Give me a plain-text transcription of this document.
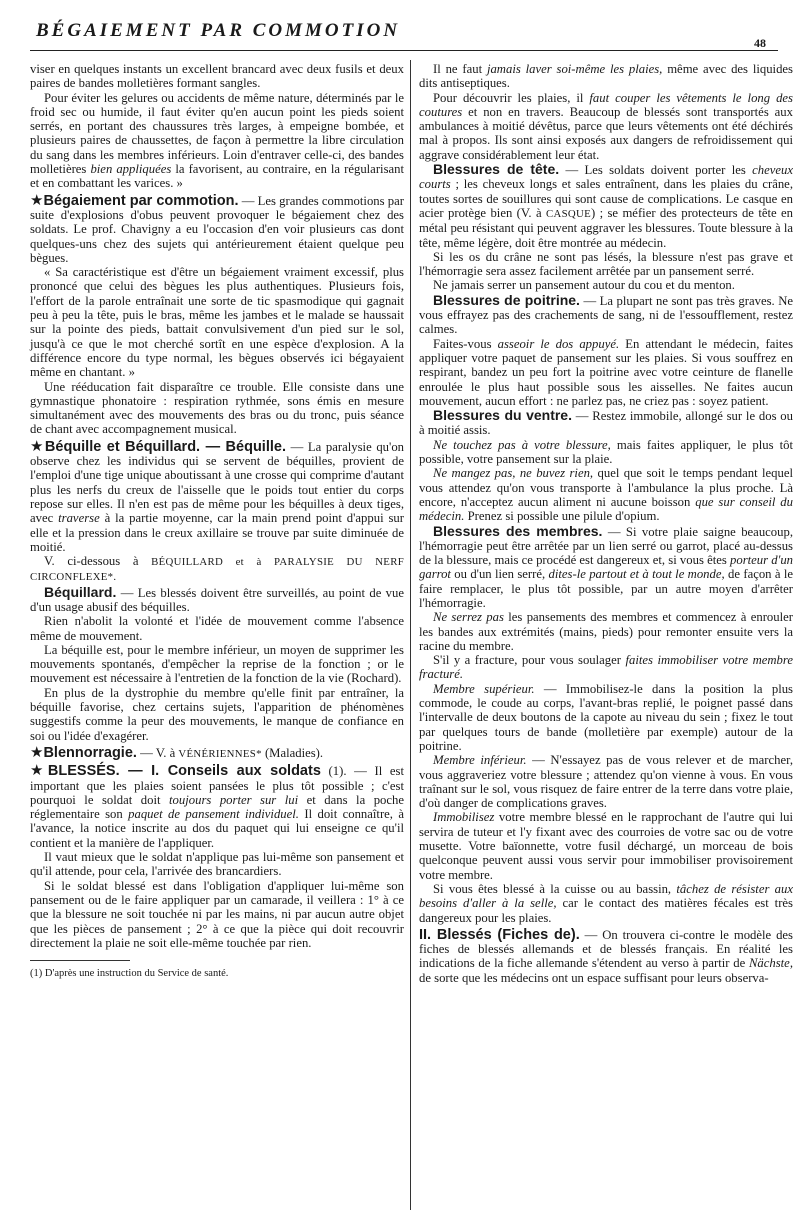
BÉGAIEMENT PAR COMMOTION
48

viser en quelques instants un excellent brancard avec deux fusils et deux paires de bandes molletières formant sangles.

Pour éviter les gelures ou accidents de même nature, déterminés par le froid sec ou humide, il faut éviter qu'en aucun point les pieds soient serrés, en portant des chaussures très larges, à empeigne bombée, et plusieurs paires de chaussettes, de façon à permettre la libre circulation du sang dans les membres inférieurs. Loin d'entraver celle-ci, des bandes molletières bien appliquées la favorisent, au contraire, en la régularisant et en combattant les varices. »

★Bégaiement par commotion. — Les grandes commotions par suite d'explosions d'obus peuvent provoquer le bégaiement chez des soldats. Le prof. Chavigny a eu l'occasion d'en voir plusieurs cas dont quelques-uns chez des sujets qui antérieurement étaient quelque peu bègues.

« Sa caractéristique est d'être un bégaiement vraiment excessif, plus prononcé que celui des bègues les plus authentiques. Plusieurs fois, l'effort de la parole entraînait une sorte de tic spasmodique qui gagnait peu à peu la tête, puis le bras, même les jambes et le malade se haussait sur la pointe des pieds, battait convulsivement d'un pied sur le sol, jusqu'à ce que le mot cherché sortît en une espèce d'explosion. A la différence encore du type normal, les bègues observés ici bégayaient même en chantant. »

Une rééducation fait disparaître ce trouble. Elle consiste dans une gymnastique phonatoire : respiration rythmée, sons émis en mesure simultanément avec des mouvements des bras ou du tronc, puis séance de chant avec accompagnement musical.

★Béquille et Béquillard. — Béquille. — La paralysie qu'on observe chez les individus qui se servent de béquilles, provient de l'emploi d'une tige unique aboutissant à une crosse qui comprime d'autant plus les nerfs du creux de l'aisselle que le poids tout entier du corps repose sur elles. Il n'en est pas de même pour les béquilles à deux tiges, avec traverse à la partie moyenne, car la main prend point d'appui sur elle et la pression dans le creux axillaire se trouve par suite diminuée de moitié.

V. ci-dessous à BÉQUILLARD et à PARALYSIE DU NERF CIRCONFLEXE*.

Béquillard. — Les blessés doivent être surveillés, au point de vue d'un usage abusif des béquilles.

Rien n'abolit la volonté et l'idée de mouvement comme l'absence même de mouvement.

La béquille est, pour le membre inférieur, un moyen de supprimer les mouvements spontanés, d'empêcher la reprise de la fonction ; or le mouvement est nécessaire à l'entretien de la fonction de la vie (Rochard).

En plus de la dystrophie du membre qu'elle finit par entraîner, la béquille favorise, chez certains sujets, l'apparition de phénomènes suggestifs comme la peur des mouvements, le manque de confiance en soi ou l'idée d'exagérer.

★Blennorragie. — V. à VÉNÉRIENNES* (Maladies).

★BLESSÉS. — I. Conseils aux soldats (1). — Il est important que les plaies soient pansées le plus tôt possible ; c'est pourquoi le soldat doit toujours porter sur lui et dans la poche réglementaire son paquet de pansement individuel. Il doit connaître, à l'avance, la notice inscrite au dos du paquet qui lui enseigne ce qu'il contient et la manière de l'appliquer.

Il vaut mieux que le soldat n'applique pas lui-même son pansement et qu'il attende, pour cela, l'arrivée des brancardiers.

Si le soldat blessé est dans l'obligation d'appliquer lui-même son pansement ou de le faire appliquer par un camarade, il veillera : 1° à ce que la blessure ne soit touchée ni par les mains, ni par aucun autre objet que les pièces de pansement ; 2° à ce que la pièce qui doit recouvrir directement la plaie ne soit elle-même touchée par rien.

(1) D'après une instruction du Service de santé.

Il ne faut jamais laver soi-même les plaies, même avec des liquides dits antiseptiques.

Pour découvrir les plaies, il faut couper les vêtements le long des coutures et non en travers. Beaucoup de blessés sont transportés aux ambulances à moitié dévêtus, parce que leurs vêtements ont été déchirés mal à propos. Ils sont ainsi exposés aux dangers de refroidissement qui aggrave considérablement leur état.

Blessures de tête. — Les soldats doivent porter les cheveux courts ; les cheveux longs et sales entraînent, dans les plaies du crâne, toutes sortes de souillures qui sont cause de complications. Le casque en acier protège bien (V. à CASQUE) ; se méfier des protecteurs de tête en métal peu résistant qui peuvent aggraver les blessures. Toute blessure à la tête, même légère, doit être montrée au médecin.

Si les os du crâne ne sont pas lésés, la blessure n'est pas grave et l'hémorragie sera assez facilement arrêtée par un pansement serré.

Ne jamais serrer un pansement autour du cou et du menton.

Blessures de poitrine. — La plupart ne sont pas très graves. Ne vous effrayez pas des crachements de sang, ni de l'essoufflement, restez calmes.

Faites-vous asseoir le dos appuyé. En attendant le médecin, faites appliquer votre paquet de pansement sur les plaies. Si vous souffrez en respirant, bandez un peu fort la poitrine avec votre ceinture de flanelle enroulée le plus haut possible sous les aisselles. Ne faites aucun mouvement, aucun effort : ne parlez pas, ne criez pas : soyez patient.

Blessures du ventre. — Restez immobile, allongé sur le dos ou à moitié assis.

Ne touchez pas à votre blessure, mais faites appliquer, le plus tôt possible, votre pansement sur la plaie.

Ne mangez pas, ne buvez rien, quel que soit le temps pendant lequel vous attendez qu'on vous transporte à l'ambulance la plus proche. Là encore, n'acceptez aucun aliment ni aucune boisson que sur conseil du médecin. Prenez si possible une pilule d'opium.

Blessures des membres. — Si votre plaie saigne beaucoup, l'hémorragie peut être arrêtée par un lien serré ou garrot, placé au-dessus de la blessure, mais ce procédé est dangereux et, si vous êtes porteur d'un garrot ou d'un lien serré, dites-le partout et à tout le monde, de façon à le faire remplacer, le plus tôt possible, par un autre moyen d'arrêter l'hémorragie.

Ne serrez pas les pansements des membres et commencez à enrouler les bandes aux extrémités (mains, pieds) pour remonter ensuite vers la racine du membre.

S'il y a fracture, pour vous soulager faites immobiliser votre membre fracturé.

Membre supérieur. — Immobilisez-le dans la position la plus commode, le coude au corps, l'avant-bras replié, le poignet passé dans l'intervalle de deux boutons de la capote au niveau du sein ; fixez le tout par quelques tours de bande (molletière par exemple) autour de la poitrine.

Membre inférieur. — N'essayez pas de vous relever et de marcher, vous aggraveriez votre blessure ; attendez qu'on vienne à vous. En vous traînant sur le sol, vous risquez de faire entrer de la terre dans votre plaie, d'où danger de complications graves.

Immobilisez votre membre blessé en le rapprochant de l'autre qui lui servira de tuteur et l'y fixant avec des courroies de votre sac ou de votre musette. Votre baïonnette, votre fusil déchargé, un morceau de bois quelconque peuvent aussi vous servir pour immobiliser provisoirement votre membre.

Si vous êtes blessé à la cuisse ou au bassin, tâchez de résister aux besoins d'aller à la selle, car le contact des matières fécales est très dangereux pour les plaies.

II. Blessés (Fiches de). — On trouvera ci-contre le modèle des fiches de blessés allemands et de blessés français. En réalité les indications de la fiche allemande s'étendent au verso à partir de Nächste, de sorte que les médecins ont un espace suffisant pour leurs observa-
